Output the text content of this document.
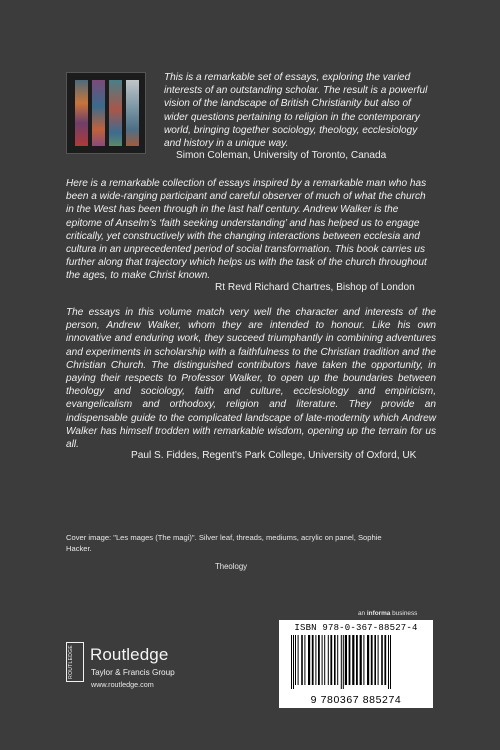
This is a remarkable set of essays, exploring the varied interests of an outstanding scholar. The result is a powerful vision of the landscape of British Christianity but also of wider questions pertaining to religion in the contemporary world, bringing together sociology, theology, ecclesiology and history in a unique way.

Simon Coleman, University of Toronto, Canada

Here is a remarkable collection of essays inspired by a remarkable man who has been a wide-ranging participant and careful observer of much of what the church in the West has been through in the last half century. Andrew Walker is the epitome of Anselm’s ‘faith seeking understanding’ and has helped us to engage critically, yet constructively with the changing interactions between ecclesia and cultura in an unprecedented period of social transformation. This book carries us further along that trajectory which helps us with the task of the church throughout the ages, to make Christ known.

Rt Revd Richard Chartres, Bishop of London

The essays in this volume match very well the character and interests of the person, Andrew Walker, whom they are intended to honour. Like his own innovative and enduring work, they succeed triumphantly in combining adventures and experiments in scholarship with a faithfulness to the Christian tradition and the Christian Church. The distinguished contributors have taken the opportunity, in paying their respects to Professor Walker, to open up the boundaries between theology and sociology, faith and culture, ecclesiology and empiricism, evangelicalism and orthodoxy, religion and literature. They provide an indispensable guide to the complicated landscape of late-modernity which Andrew Walker has himself trodden with remarkable wisdom, opening up the terrain for us all.

Paul S. Fiddes, Regent’s Park College, University of Oxford, UK
Cover image: "Les mages (The magi)". Silver leaf, threads, mediums, acrylic on panel, Sophie Hacker.
Theology
an informa business
ISBN 978-0-367-88527-4
9 780367 885274
ROUTLEDGE Routledge
Taylor & Francis Group
www.routledge.com
